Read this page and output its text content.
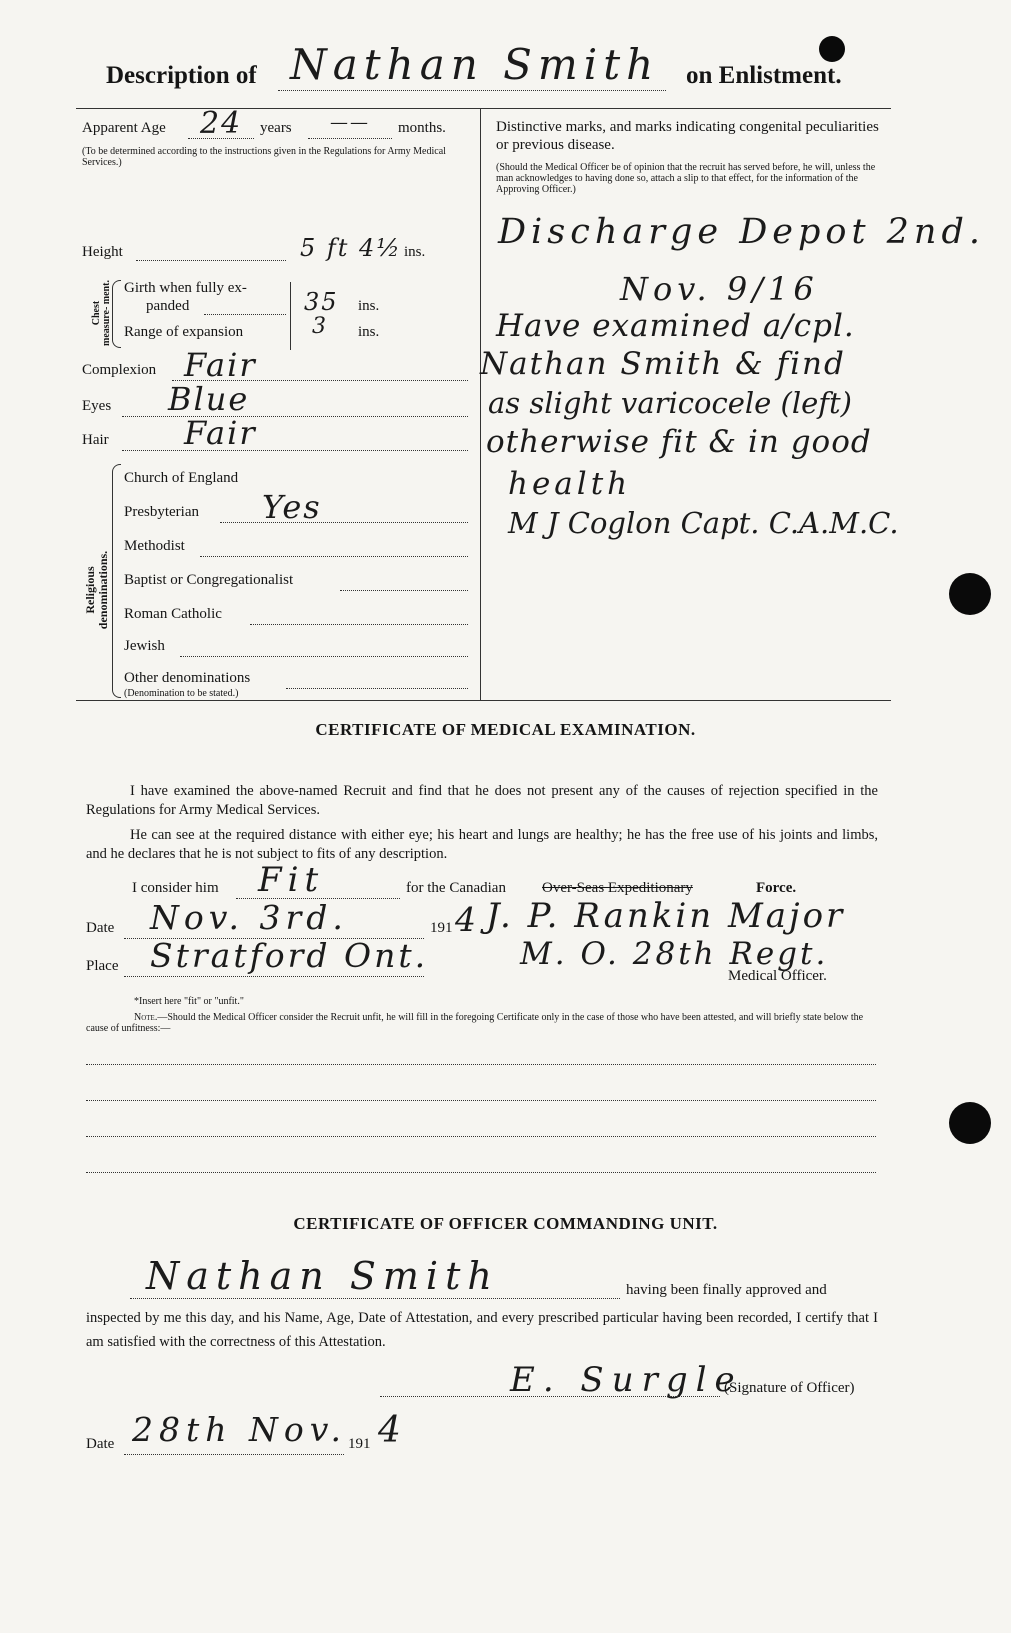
Description of Nathan Smith on Enlistment.
Apparent Age 24 years —— months.
(To be determined according to the instructions given in the Regulations for Army Medical Services.)
Height	5 ft 4½ ins.
Chest measure- ment. Girth when fully ex-
panded	35 ins.
Range of expansion	3 ins.
Complexion Fair
Eyes Blue
Hair Fair
Religious denominations.
Church of England
Presbyterian Yes
Methodist
Baptist or Congregationalist
Roman Catholic
Jewish
Other denominations
(Denomination to be stated.)
Distinctive marks, and marks indicating congenital peculiarities or previous disease.
(Should the Medical Officer be of opinion that the recruit has served before, he will, unless the man acknowledges to having done so, attach a slip to that effect, for the information of the Approving Officer.)
Discharge Depot 2nd.
Nov. 9/16
Have examined a/cpl.
Nathan Smith & find
as slight varicocele (left)
otherwise fit & in good
health
M J Coglon Capt. C.A.M.C.
CERTIFICATE OF MEDICAL EXAMINATION.
I have examined the above-named Recruit and find that he does not present any of the causes of rejection specified in the Regulations for Army Medical Services.
He can see at the required distance with either eye; his heart and lungs are healthy; he has the free use of his joints and limbs, and he declares that he is not subject to fits of any description.
I consider him Fit	for the Canadian Over-Seas Expeditionary	Force.
Date Nov. 3rd.	191 4 J. P. Rankin Major
Place Stratford Ont.	M. O. 28th Regt.
Medical Officer.
*Insert here "fit" or "unfit."
Note.—Should the Medical Officer consider the Recruit unfit, he will fill in the foregoing Certificate only in the case of those who have been attested, and will briefly state below the cause of unfitness:—
CERTIFICATE OF OFFICER COMMANDING UNIT.
Nathan Smith	having been finally approved and
inspected by me this day, and his Name, Age, Date of Attestation, and every prescribed particular having been recorded, I certify that I am satisfied with the correctness of this Attestation.
E. Surgle
(Signature of Officer)
Date 28th Nov. 191 4
